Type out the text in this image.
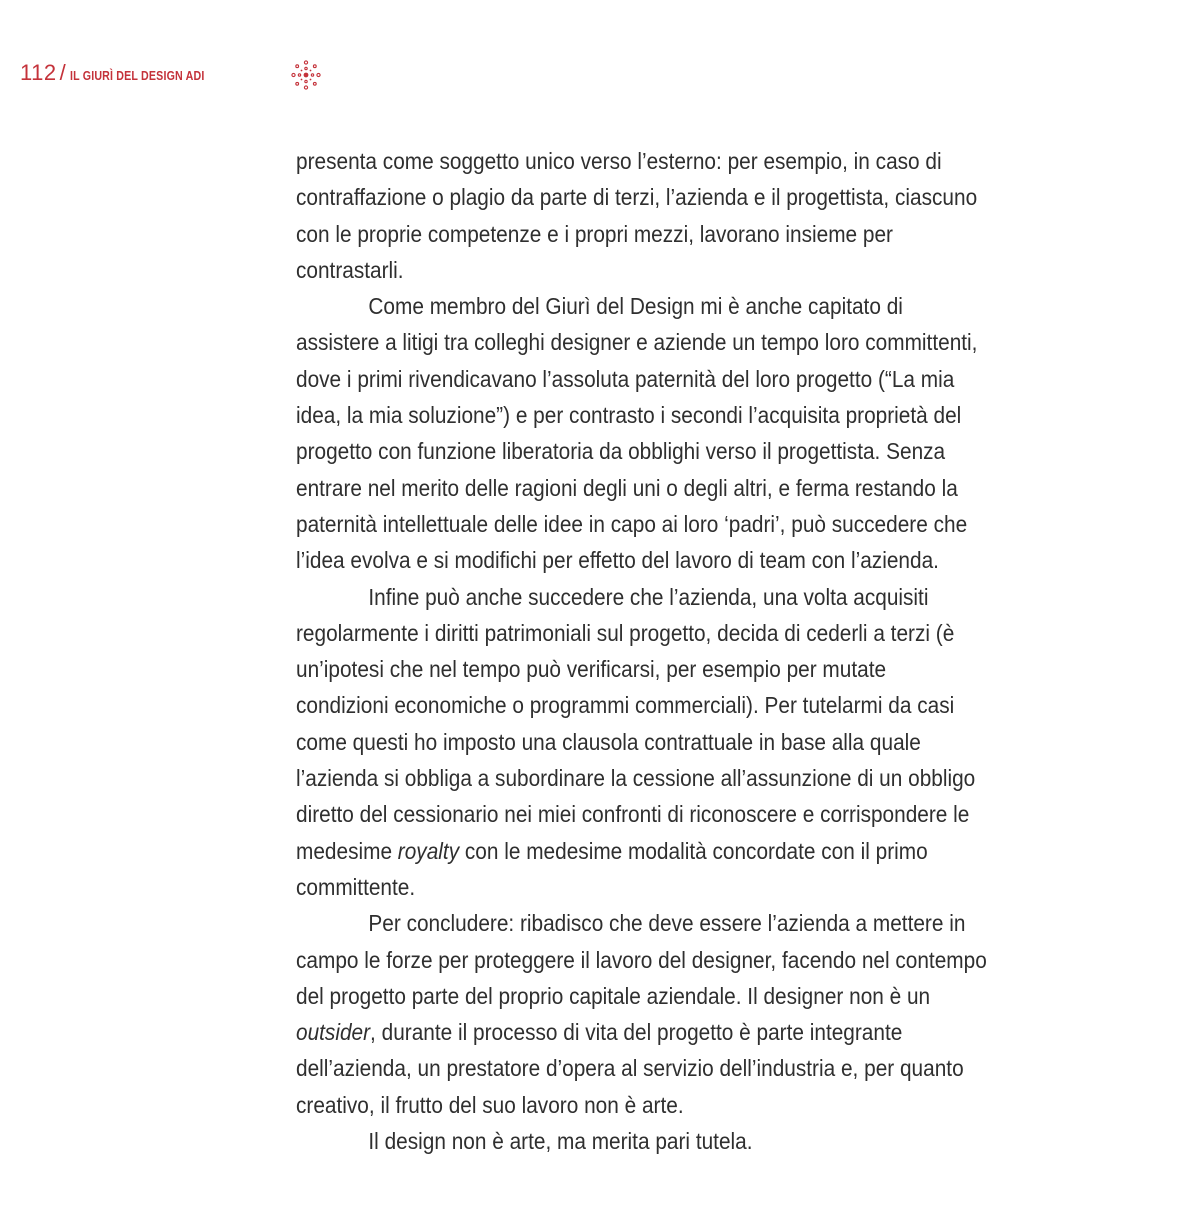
112 / IL GIURÌ DEL DESIGN ADI

presenta come soggetto unico verso l’esterno: per esempio, in caso di
contraffazione o plagio da parte di terzi, l’azienda e il progettista, ciascuno
con le proprie competenze e i propri mezzi, lavorano insieme per
contrastarli.

Come membro del Giurì del Design mi è anche capitato di
assistere a litigi tra colleghi designer e aziende un tempo loro committenti,
dove i primi rivendicavano l’assoluta paternità del loro progetto (“La mia
idea, la mia soluzione”) e per contrasto i secondi l’acquisita proprietà del
progetto con funzione liberatoria da obblighi verso il progettista. Senza
entrare nel merito delle ragioni degli uni o degli altri, e ferma restando la
paternità intellettuale delle idee in capo ai loro ‘padri’, può succedere che
l’idea evolva e si modifichi per effetto del lavoro di team con l’azienda.

Infine può anche succedere che l’azienda, una volta acquisiti
regolarmente i diritti patrimoniali sul progetto, decida di cederli a terzi (è
un’ipotesi che nel tempo può verificarsi, per esempio per mutate
condizioni economiche o programmi commerciali). Per tutelarmi da casi
come questi ho imposto una clausola contrattuale in base alla quale
l’azienda si obbliga a subordinare la cessione all’assunzione di un obbligo
diretto del cessionario nei miei confronti di riconoscere e corrispondere le
medesime royalty con le medesime modalità concordate con il primo
committente.

Per concludere: ribadisco che deve essere l’azienda a mettere in
campo le forze per proteggere il lavoro del designer, facendo nel contempo
del progetto parte del proprio capitale aziendale. Il designer non è un
outsider, durante il processo di vita del progetto è parte integrante
dell’azienda, un prestatore d’opera al servizio dell’industria e, per quanto
creativo, il frutto del suo lavoro non è arte.

Il design non è arte, ma merita pari tutela.
